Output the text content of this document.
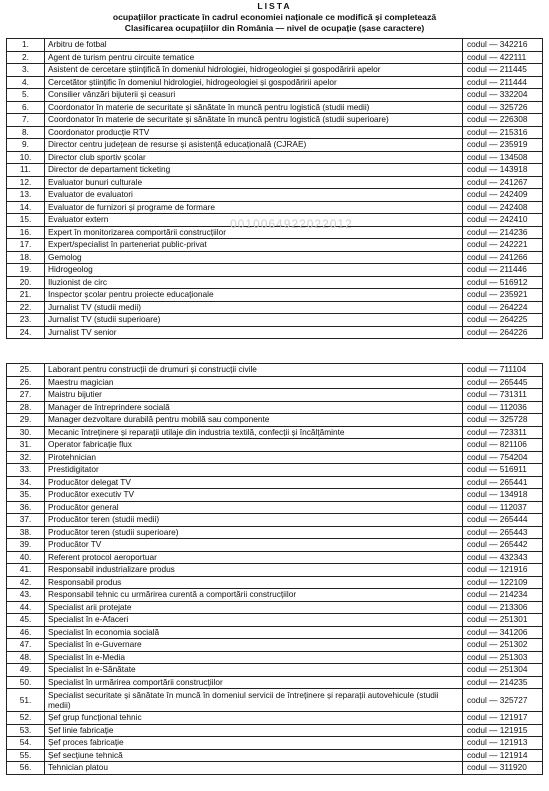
LISTA
ocupațiilor practicate în cadrul economiei naționale ce modifică și completează
Clasificarea ocupațiilor din România — nivel de ocupație (șase caractere)
1.	Arbitru de fotbal	codul — 342216
2.	Agent de turism pentru circuite tematice	codul — 422111
3.	Asistent de cercetare științifică în domeniul hidrologiei, hidrogeologiei și gospodăririi apelor	codul — 211445
4.	Cercetător științific în domeniul hidrologiei, hidrogeologiei și gospodăririi apelor	codul — 211444
5.	Consilier vânzări bijuterii și ceasuri	codul — 332204
6.	Coordonator în materie de securitate și sănătate în muncă pentru logistică (studii medii)	codul — 325726
7.	Coordonator în materie de securitate și sănătate în muncă pentru logistică (studii superioare)	codul — 226308
8.	Coordonator producție RTV	codul — 215316
9.	Director centru județean de resurse și asistență educațională (CJRAE)	codul — 235919
10.	Director club sportiv școlar	codul — 134508
11.	Director de departament ticketing	codul — 143918
12.	Evaluator bunuri culturale	codul — 241267
13.	Evaluator de evaluatori	codul — 242409
14.	Evaluator de furnizori și programe de formare	codul — 242408
15.	Evaluator extern	codul — 242410
16.	Expert în monitorizarea comportării construcțiilor	codul — 214236
17.	Expert/specialist în parteneriat public-privat	codul — 242221
18.	Gemolog	codul — 241266
19.	Hidrogeolog	codul — 211446
20.	Iluzionist de circ	codul — 516912
21.	Inspector școlar pentru proiecte educaționale	codul — 235921
22.	Jurnalist TV (studii medii)	codul — 264224
23.	Jurnalist TV (studii superioare)	codul — 264225
24.	Jurnalist TV senior	codul — 264226
25.	Laborant pentru construcții de drumuri și construcții civile	codul — 711104
26.	Maestru magician	codul — 265445
27.	Maistru bijutier	codul — 731311
28.	Manager de întreprindere socială	codul — 112036
29.	Manager dezvoltare durabilă pentru mobilă sau componente	codul — 325728
30.	Mecanic întreținere și reparații utilaje din industria textilă, confecții și încălțăminte	codul — 723311
31.	Operator fabricație flux	codul — 821106
32.	Pirotehnician	codul — 754204
33.	Prestidigitator	codul — 516911
34.	Producător delegat TV	codul — 265441
35.	Producător executiv TV	codul — 134918
36.	Producător general	codul — 112037
37.	Producător teren (studii medii)	codul — 265444
38.	Producător teren (studii superioare)	codul — 265443
39.	Producător TV	codul — 265442
40.	Referent protocol aeroportuar	codul — 432343
41.	Responsabil industrializare produs	codul — 121916
42.	Responsabil produs	codul — 122109
43.	Responsabil tehnic cu urmărirea curentă a comportării construcțiilor	codul — 214234
44.	Specialist arii protejate	codul — 213306
45.	Specialist în e-Afaceri	codul — 251301
46.	Specialist în economia socială	codul — 341206
47.	Specialist în e-Guvernare	codul — 251302
48.	Specialist în e-Media	codul — 251303
49.	Specialist în e-Sănătate	codul — 251304
50.	Specialist în urmărirea comportării construcțiilor	codul — 214235
51.	Specialist securitate și sănătate în muncă în domeniul servicii de întreținere și reparații autovehicule (studii medii)	codul — 325727
52.	Șef grup funcțional tehnic	codul — 121917
53.	Șef linie fabricație	codul — 121915
54.	Șef proces fabricație	codul — 121913
55.	Șef secțiune tehnică	codul — 121914
56.	Tehnician platou	codul — 311920
0010064922022012
